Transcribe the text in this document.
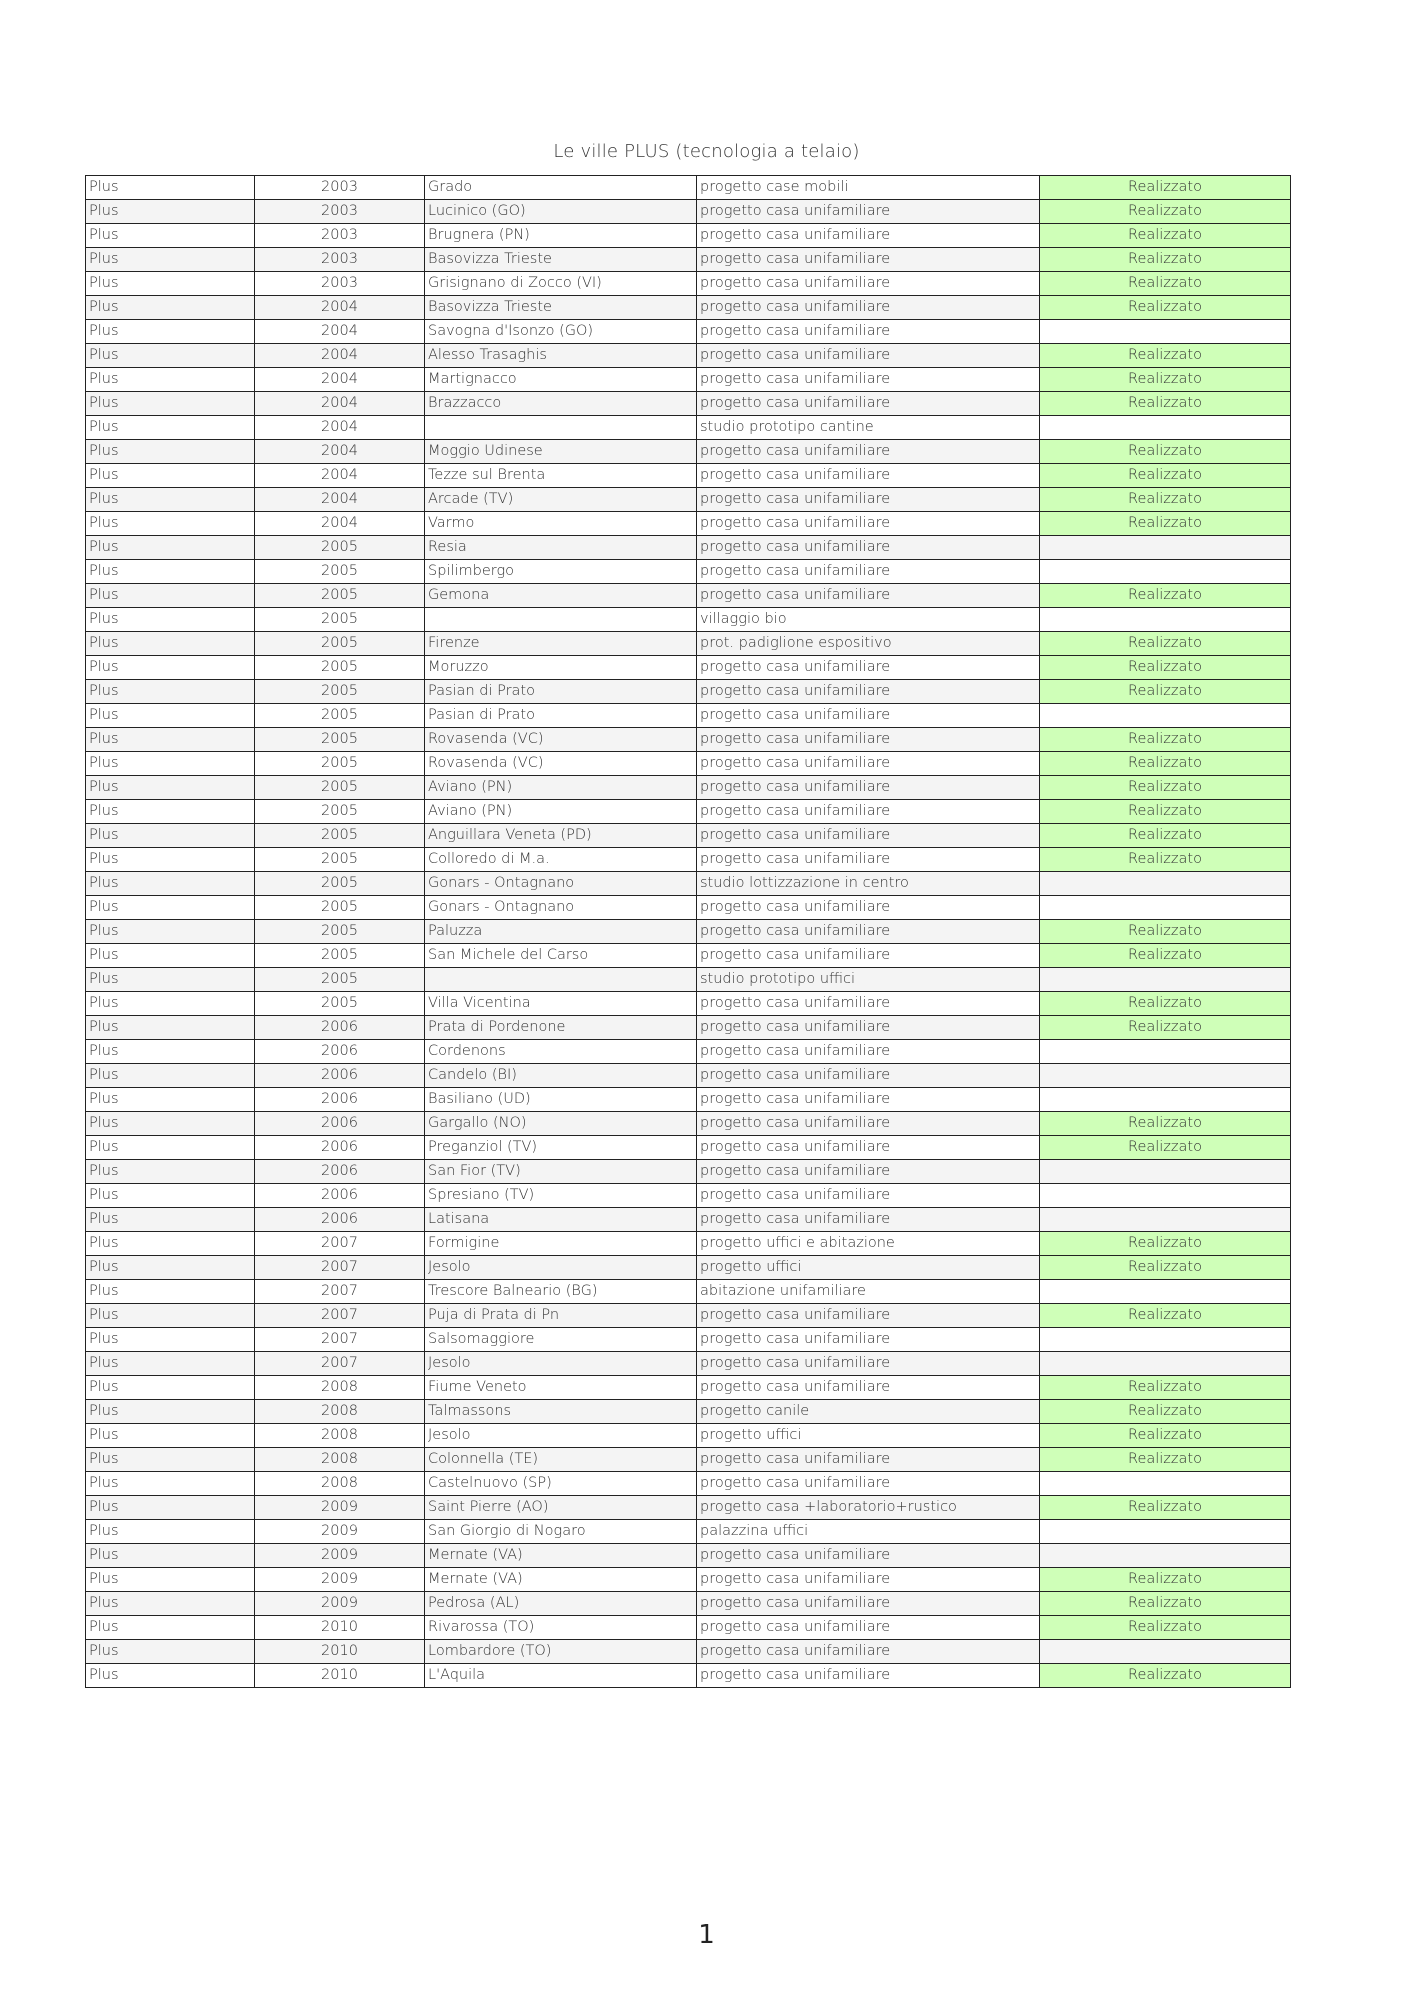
Le ville PLUS (tecnologia a telaio)
Plus	2003	Grado	progetto case mobili	Realizzato
Plus	2003	Lucinico (GO)	progetto casa unifamiliare	Realizzato
Plus	2003	Brugnera (PN)	progetto casa unifamiliare	Realizzato
Plus	2003	Basovizza Trieste	progetto casa unifamiliare	Realizzato
Plus	2003	Grisignano di Zocco (VI)	progetto casa unifamiliare	Realizzato
Plus	2004	Basovizza Trieste	progetto casa unifamiliare	Realizzato
Plus	2004	Savogna d'Isonzo (GO)	progetto casa unifamiliare	
Plus	2004	Alesso Trasaghis	progetto casa unifamiliare	Realizzato
Plus	2004	Martignacco	progetto casa unifamiliare	Realizzato
Plus	2004	Brazzacco	progetto casa unifamiliare	Realizzato
Plus	2004		studio prototipo cantine	
Plus	2004	Moggio Udinese	progetto casa unifamiliare	Realizzato
Plus	2004	Tezze sul Brenta	progetto casa unifamiliare	Realizzato
Plus	2004	Arcade (TV)	progetto casa unifamiliare	Realizzato
Plus	2004	Varmo	progetto casa unifamiliare	Realizzato
Plus	2005	Resia	progetto casa unifamiliare	
Plus	2005	Spilimbergo	progetto casa unifamiliare	
Plus	2005	Gemona	progetto casa unifamiliare	Realizzato
Plus	2005		villaggio bio	
Plus	2005	Firenze	prot. padiglione espositivo	Realizzato
Plus	2005	Moruzzo	progetto casa unifamiliare	Realizzato
Plus	2005	Pasian di Prato	progetto casa unifamiliare	Realizzato
Plus	2005	Pasian di Prato	progetto casa unifamiliare	
Plus	2005	Rovasenda (VC)	progetto casa unifamiliare	Realizzato
Plus	2005	Rovasenda (VC)	progetto casa unifamiliare	Realizzato
Plus	2005	Aviano (PN)	progetto casa unifamiliare	Realizzato
Plus	2005	Aviano (PN)	progetto casa unifamiliare	Realizzato
Plus	2005	Anguillara Veneta (PD)	progetto casa unifamiliare	Realizzato
Plus	2005	Colloredo di M.a.	progetto casa unifamiliare	Realizzato
Plus	2005	Gonars - Ontagnano	studio lottizzazione in centro	
Plus	2005	Gonars - Ontagnano	progetto casa unifamiliare	
Plus	2005	Paluzza	progetto casa unifamiliare	Realizzato
Plus	2005	San Michele del Carso	progetto casa unifamiliare	Realizzato
Plus	2005		studio prototipo uffici	
Plus	2005	Villa Vicentina	progetto casa unifamiliare	Realizzato
Plus	2006	Prata di Pordenone	progetto casa unifamiliare	Realizzato
Plus	2006	Cordenons	progetto casa unifamiliare	
Plus	2006	Candelo (BI)	progetto casa unifamiliare	
Plus	2006	Basiliano (UD)	progetto casa unifamiliare	
Plus	2006	Gargallo (NO)	progetto casa unifamiliare	Realizzato
Plus	2006	Preganziol (TV)	progetto casa unifamiliare	Realizzato
Plus	2006	San Fior (TV)	progetto casa unifamiliare	
Plus	2006	Spresiano (TV)	progetto casa unifamiliare	
Plus	2006	Latisana	progetto casa unifamiliare	
Plus	2007	Formigine	progetto uffici e abitazione	Realizzato
Plus	2007	Jesolo	progetto uffici	Realizzato
Plus	2007	Trescore Balneario (BG)	abitazione unifamiliare	
Plus	2007	Puja di Prata di Pn	progetto casa unifamiliare	Realizzato
Plus	2007	Salsomaggiore	progetto casa unifamiliare	
Plus	2007	Jesolo	progetto casa unifamiliare	
Plus	2008	Fiume Veneto	progetto casa unifamiliare	Realizzato
Plus	2008	Talmassons	progetto canile	Realizzato
Plus	2008	Jesolo	progetto uffici	Realizzato
Plus	2008	Colonnella (TE)	progetto casa unifamiliare	Realizzato
Plus	2008	Castelnuovo (SP)	progetto casa unifamiliare	
Plus	2009	Saint Pierre (AO)	progetto casa +laboratorio+rustico	Realizzato
Plus	2009	San Giorgio di Nogaro	palazzina uffici	
Plus	2009	Mernate (VA)	progetto casa unifamiliare	
Plus	2009	Mernate (VA)	progetto casa unifamiliare	Realizzato
Plus	2009	Pedrosa (AL)	progetto casa unifamiliare	Realizzato
Plus	2010	Rivarossa (TO)	progetto casa unifamiliare	Realizzato
Plus	2010	Lombardore (TO)	progetto casa unifamiliare	
Plus	2010	L'Aquila	progetto casa unifamiliare	Realizzato
1
